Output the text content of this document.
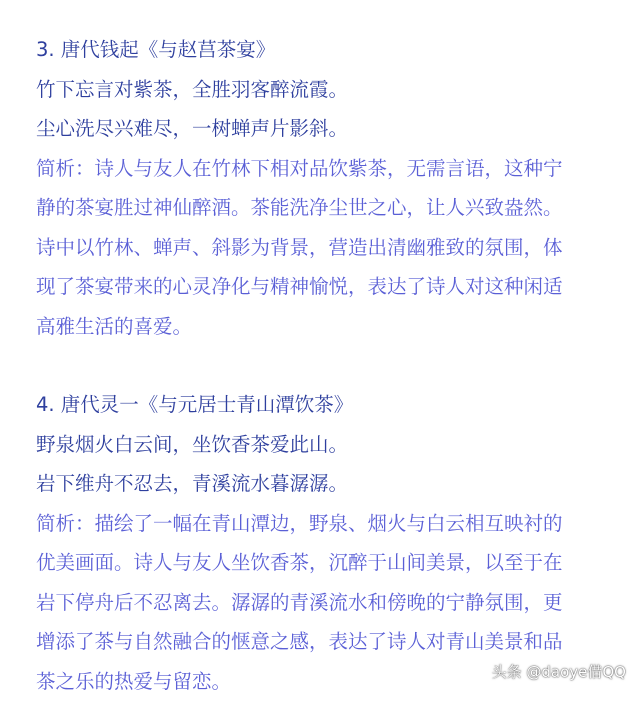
3. 唐代钱起《与赵莒茶宴》

竹下忘言对紫茶，全胜羽客醉流霞。

尘心洗尽兴难尽，一树蝉声片影斜。

简析：诗人与友人在竹林下相对品饮紫茶，无需言语，这种宁

静的茶宴胜过神仙醉酒。茶能洗净尘世之心，让人兴致盎然。

诗中以竹林、蝉声、斜影为背景，营造出清幽雅致的氛围，体

现了茶宴带来的心灵净化与精神愉悦，表达了诗人对这种闲适

高雅生活的喜爱。

4. 唐代灵一《与元居士青山潭饮茶》

野泉烟火白云间，坐饮香茶爱此山。

岩下维舟不忍去，青溪流水暮潺潺。

简析：描绘了一幅在青山潭边，野泉、烟火与白云相互映衬的

优美画面。诗人与友人坐饮香茶，沉醉于山间美景，以至于在

岩下停舟后不忍离去。潺潺的青溪流水和傍晚的宁静氛围，更

增添了茶与自然融合的惬意之感，表达了诗人对青山美景和品

茶之乐的热爱与留恋。	头条 @daoye借QQ
